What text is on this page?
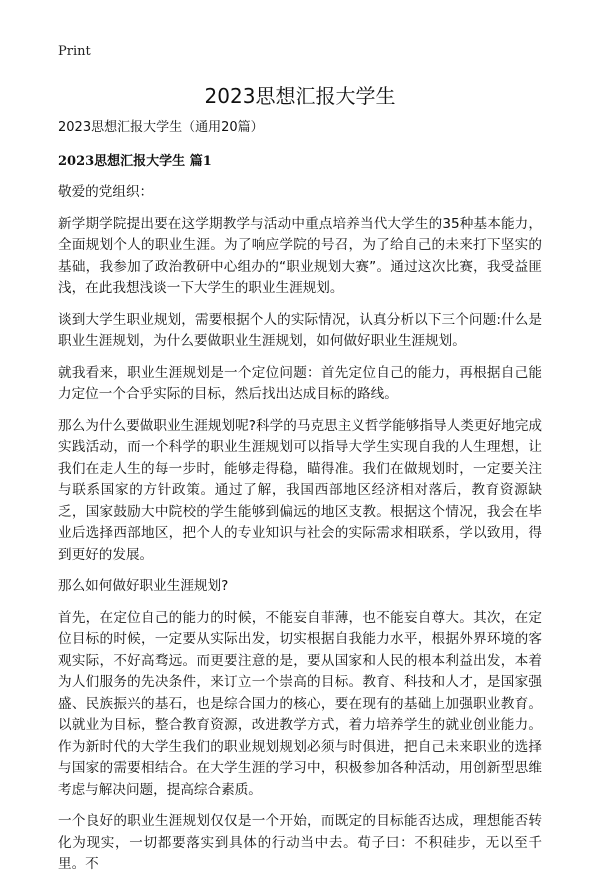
Print
2023思想汇报大学生

2023思想汇报大学生（通用20篇）

2023思想汇报大学生 篇1

敬爱的党组织：

新学期学院提出要在这学期教学与活动中重点培养当代大学生的35种基本能力，全面规划个人的职业生涯。为了响应学院的号召，为了给自己的未来打下坚实的基础，我参加了政治教研中心组办的“职业规划大赛”。通过这次比赛，我受益匪浅，在此我想浅谈一下大学生的职业生涯规划。

谈到大学生职业规划，需要根据个人的实际情况，认真分析以下三个问题:什么是职业生涯规划，为什么要做职业生涯规划，如何做好职业生涯规划。

就我看来，职业生涯规划是一个定位问题：首先定位自己的能力，再根据自己能力定位一个合乎实际的目标，然后找出达成目标的路线。

那么为什么要做职业生涯规划呢?科学的马克思主义哲学能够指导人类更好地完成实践活动，而一个科学的职业生涯规划可以指导大学生实现自我的人生理想，让我们在走人生的每一步时，能够走得稳，瞄得准。我们在做规划时，一定要关注与联系国家的方针政策。通过了解，我国西部地区经济相对落后，教育资源缺乏，国家鼓励大中院校的学生能够到偏远的地区支教。根据这个情况，我会在毕业后选择西部地区，把个人的专业知识与社会的实际需求相联系，学以致用，得到更好的发展。

那么如何做好职业生涯规划?

首先，在定位自己的能力的时候，不能妄自菲薄，也不能妄自尊大。其次，在定位目标的时候，一定要从实际出发，切实根据自我能力水平，根据外界环境的客观实际，不好高骛远。而更要注意的是，要从国家和人民的根本利益出发，本着为人们服务的先决条件，来订立一个崇高的目标。教育、科技和人才，是国家强盛、民族振兴的基石，也是综合国力的核心，要在现有的基础上加强职业教育。以就业为目标，整合教育资源，改进教学方式，着力培养学生的就业创业能力。作为新时代的大学生我们的职业规划规划必须与时俱进，把自己未来职业的选择与国家的需要相结合。在大学生涯的学习中，积极参加各种活动，用创新型思维考虑与解决问题，提高综合素质。

一个良好的职业生涯规划仅仅是一个开始，而既定的目标能否达成，理想能否转化为现实，一切都要落实到具体的行动当中去。荀子曰：不积硅步，无以至千里。不
